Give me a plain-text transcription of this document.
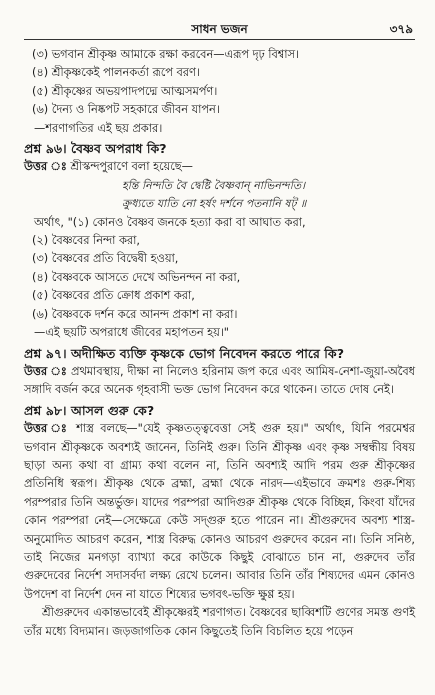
সাধন ভজন	৩৭৯

(৩) ভগবান শ্রীকৃষ্ণ আমাকে রক্ষা করবেন—এরূপ দৃঢ় বিশ্বাস।

(৪) শ্রীকৃষ্ণকেই পালনকর্তা রূপে বরণ।

(৫) শ্রীকৃষ্ণের অভয়পাদপদ্মে আত্মসমর্পণ।

(৬) দৈন্য ও নিষ্কপট সহকারে জীবন যাপন।

—শরণাগতির এই ছয় প্রকার।

প্রশ্ন ৯৬। বৈষ্ণব অপরাধ কি?

উত্তর ঃ শ্রীস্কন্দপুরাণে বলা হয়েছে—

হন্তি নিন্দতি বৈ দ্বেষ্টি বৈষ্ণবান্ নাভিনন্দতি।

ক্রুধ্যতে যাতি নো হর্ষং দর্শনে পতনানি ষট্ ॥

অর্থাৎ, "(১) কোনও বৈষ্ণব জনকে হত্যা করা বা আঘাত করা,

(২) বৈষ্ণবের নিন্দা করা,

(৩) বৈষ্ণবের প্রতি বিদ্বেষী হওয়া,

(৪) বৈষ্ণবকে আসতে দেখে অভিনন্দন না করা,

(৫) বৈষ্ণবের প্রতি ক্রোধ প্রকাশ করা,

(৬) বৈষ্ণবকে দর্শন করে আনন্দ প্রকাশ না করা।

—এই ছয়টি অপরাধে জীবের মহাপতন হয়।"

প্রশ্ন ৯৭। অদীক্ষিত ব্যক্তি কৃষ্ণকে ভোগ নিবেদন করতে পারে কি?

উত্তর ঃ প্রথমাবস্থায়, দীক্ষা না নিলেও হরিনাম জপ করে এবং আমিষ-নেশা-জুয়া-অবৈধ সঙ্গাদি বর্জন করে অনেক গৃহবাসী ভক্ত ভোগ নিবেদন করে থাকেন। তাতে দোষ নেই।

প্রশ্ন ৯৮। আসল গুরু কে?

উত্তর ঃ শাস্ত্র বলছে—"যেই কৃষ্ণতত্ত্ববেত্তা সেই গুরু হয়।" অর্থাৎ, যিনি পরমেশ্বর ভগবান শ্রীকৃষ্ণকে অবশ্যই জানেন, তিনিই গুরু। তিনি শ্রীকৃষ্ণ এবং কৃষ্ণ সম্বন্ধীয় বিষয় ছাড়া অন্য কথা বা গ্রাম্য কথা বলেন না, তিনি অবশ্যই আদি পরম গুরু শ্রীকৃষ্ণের প্রতিনিধি স্বরূপ। শ্রীকৃষ্ণ থেকে ব্রহ্মা, ব্রহ্মা থেকে নারদ—এইভাবে ক্রমশঃ গুরু-শিষ্য পরম্পরার তিনি অন্তর্ভুক্ত। যাদের পরম্পরা আদিগুরু শ্রীকৃষ্ণ থেকে বিচ্ছিন্ন, কিংবা যাঁদের কোন পরম্পরা নেই—সেক্ষেত্রে কেউ সদ্‌গুরু হতে পারেন না। শ্রীগুরুদেব অবশ্য শাস্ত্র-অনুমোদিত আচরণ করেন, শাস্ত্র বিরুদ্ধ কোনও আচরণ গুরুদেব করেন না। তিনি সনিষ্ঠ, তাই নিজের মনগড়া ব্যাখ্যা করে কাউকে কিছুই বোঝাতে চান না, গুরুদেব তাঁর গুরুদেবের নির্দেশ সদাসর্বদা লক্ষ্য রেখে চলেন। আবার তিনি তাঁর শিষ্যদের এমন কোনও উপদেশ বা নির্দেশ দেন না যাতে শিষ্যের ভগবৎ-ভক্তি ক্ষুণ্ণ হয়।

শ্রীগুরুদেব একান্তভাবেই শ্রীকৃষ্ণেরই শরণাগত। বৈষ্ণবের ছাব্বিশটি গুণের সমস্ত গুণই তাঁর মধ্যে বিদ্যমান। জড়জাগতিক কোন কিছুতেই তিনি বিচলিত হয়ে পড়েন
